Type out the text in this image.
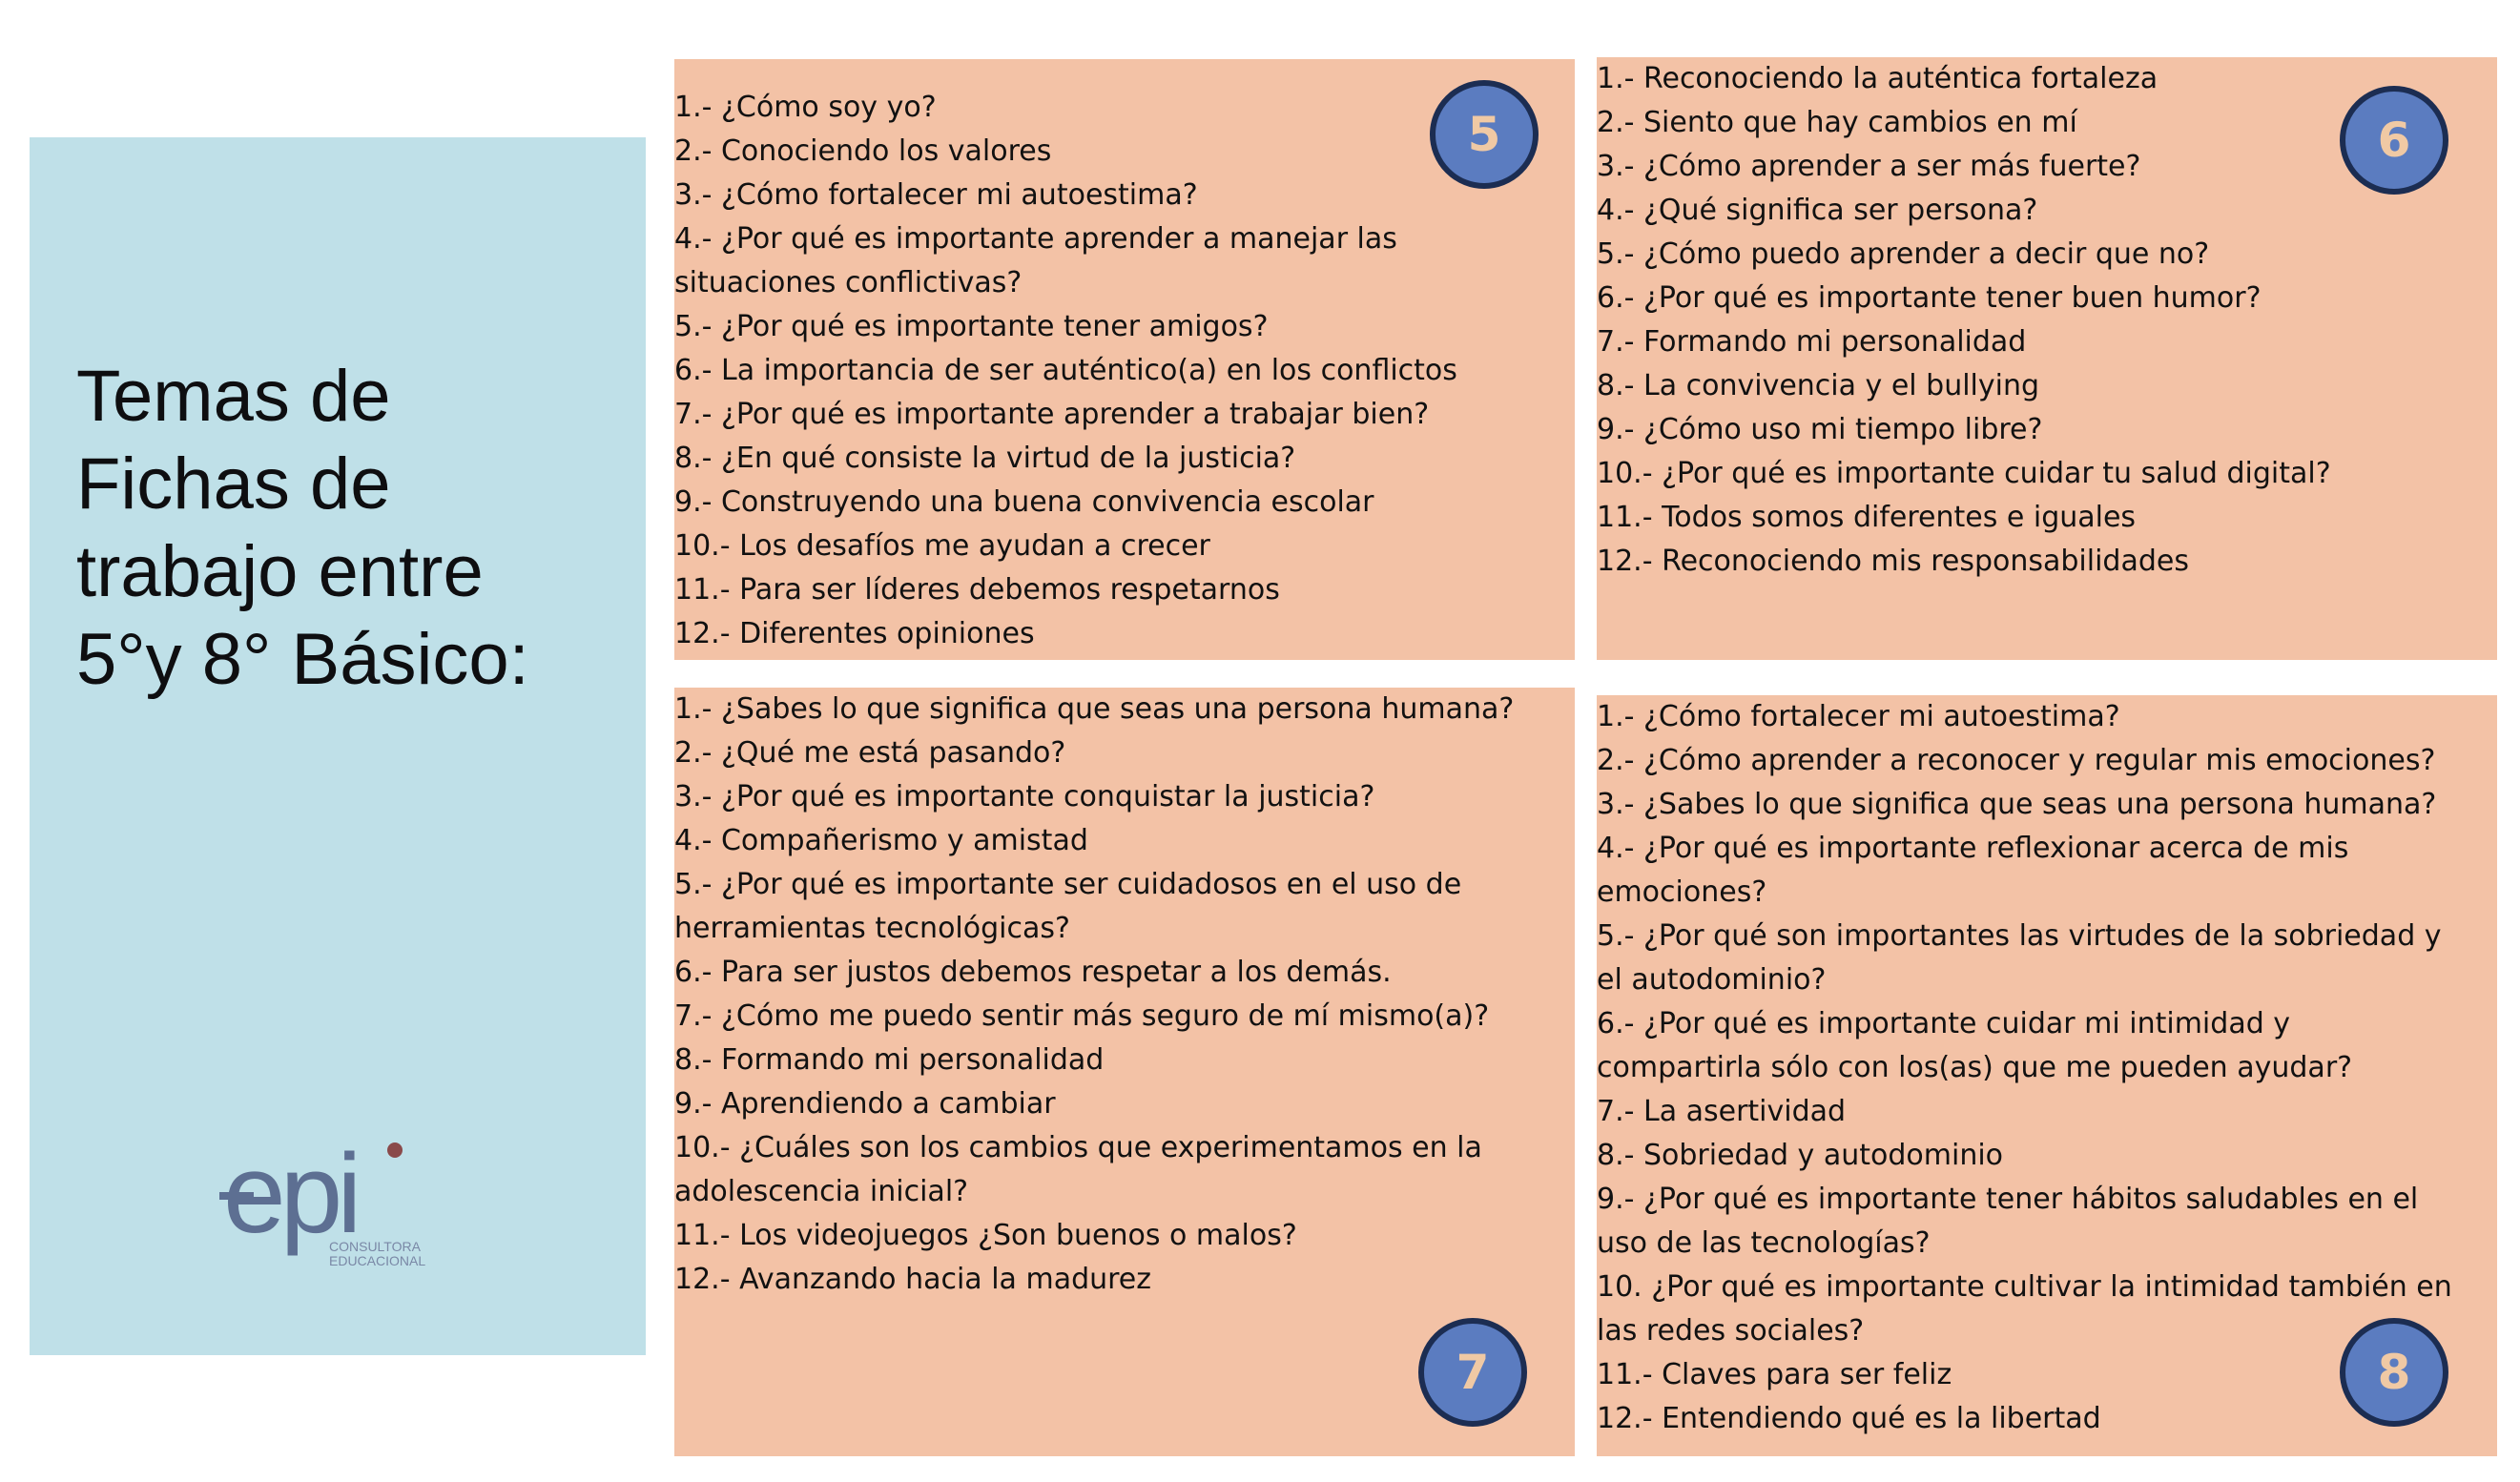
Temas de
Fichas de
trabajo entre
5°y 8° Básico:
epi
CONSULTORA
EDUCACIONAL
1.- ¿Cómo soy yo?
2.- Conociendo los valores
3.- ¿Cómo fortalecer mi autoestima?
4.- ¿Por qué es importante aprender a manejar las situaciones conflictivas?
5.- ¿Por qué es importante tener amigos?
6.- La importancia de ser auténtico(a) en los conflictos
7.- ¿Por qué es importante aprender a trabajar bien?
8.- ¿En qué consiste la virtud de la justicia?
9.- Construyendo una buena convivencia escolar
10.- Los desafíos me ayudan a crecer
11.- Para ser líderes debemos respetarnos
12.- Diferentes opiniones
5
1.- Reconociendo la auténtica fortaleza
2.- Siento que hay cambios en mí
3.- ¿Cómo aprender a ser más fuerte?
4.- ¿Qué significa ser persona?
5.- ¿Cómo puedo aprender a decir que no?
6.- ¿Por qué es importante tener buen humor?
7.- Formando mi personalidad
8.- La convivencia y el bullying
9.- ¿Cómo uso mi tiempo libre?
10.- ¿Por qué es importante cuidar tu salud digital?
11.- Todos somos diferentes e iguales
12.- Reconociendo mis responsabilidades
6
1.- ¿Sabes lo que significa que seas una persona humana?
2.- ¿Qué me está pasando?
3.- ¿Por qué es importante conquistar la justicia?
4.- Compañerismo y amistad
5.- ¿Por qué es importante ser cuidadosos en el uso de herramientas tecnológicas?
6.- Para ser justos debemos respetar a los demás.
7.- ¿Cómo me puedo sentir más seguro de mí mismo(a)?
8.- Formando mi personalidad
9.- Aprendiendo a cambiar
10.- ¿Cuáles son los cambios que experimentamos en la adolescencia inicial?
11.- Los videojuegos ¿Son buenos o malos?
12.- Avanzando hacia la madurez
7
1.- ¿Cómo fortalecer mi autoestima?
2.- ¿Cómo aprender a reconocer y regular mis emociones?
3.- ¿Sabes lo que significa que seas una persona humana?
4.- ¿Por qué es importante reflexionar acerca de mis emociones?
5.- ¿Por qué son importantes las virtudes de la sobriedad y el autodominio?
6.- ¿Por qué es importante cuidar mi intimidad y compartirla sólo con los(as) que me pueden ayudar?
7.- La asertividad
8.- Sobriedad y autodominio
9.- ¿Por qué es importante tener hábitos saludables en el uso de las tecnologías?
10. ¿Por qué es importante cultivar la intimidad también en las redes sociales?
11.- Claves para ser feliz
12.- Entendiendo qué es la libertad
8
